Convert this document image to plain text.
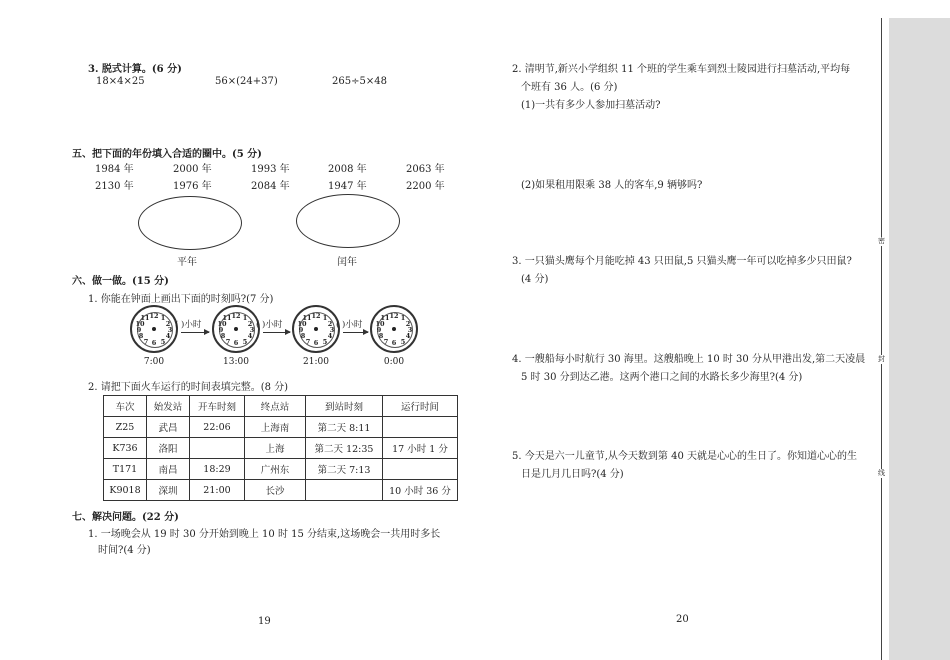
3. 脱式计算。(6 分)
18×4×25	56×(24+37)	265÷5×48
五、把下面的年份填入合适的圈中。(5 分)
1984 年	2000 年	1993 年	2008 年	2063 年
2130 年	1976 年	2084 年	1947 年	2200 年
平年	闰年
六、做一做。(15 分)
1. 你能在钟面上画出下面的时刻吗?(7 分)
12 1
2
3
4
5
6
7
8
9
10
11	12 1
2
3
4
5
6
7
8
9
10
11	12 1
2
3
4
5
6
7
8
9
10
11	12 1
2
3
4
5
6
7
8
9
10
11
( )小时	( )小时	( )小时
7:00	13:00	21:00	0:00
2. 请把下面火车运行的时间表填完整。(8 分)
车次	始发站	开车时刻	终点站	到站时刻	运行时间
Z25	武昌	22:06	上海南	第二天 8:11	
K736	洛阳		上海	第二天 12:35	17 小时 1 分
T171	南昌	18:29	广州东	第二天 7:13	
K9018	深圳	21:00	长沙		10 小时 36 分
七、解决问题。(22 分)
1. 一场晚会从 19 时 30 分开始到晚上 10 时 15 分结束,这场晚会一共用时多长
时间?(4 分)
19
2. 清明节,新兴小学组织 11 个班的学生乘车到烈士陵园进行扫墓活动,平均每
个班有 36 人。(6 分)
(1)一共有多少人参加扫墓活动?
(2)如果租用限乘 38 人的客车,9 辆够吗?
3. 一只猫头鹰每个月能吃掉 43 只田鼠,5 只猫头鹰一年可以吃掉多少只田鼠?
(4 分)
4. 一艘船每小时航行 30 海里。这艘船晚上 10 时 30 分从甲港出发,第二天凌晨
5 时 30 分到达乙港。这两个港口之间的水路长多少海里?(4 分)
5. 今天是六一儿童节,从今天数到第 40 天就是心心的生日了。你知道心心的生
日是几月几日吗?(4 分)
20
密
封
线
